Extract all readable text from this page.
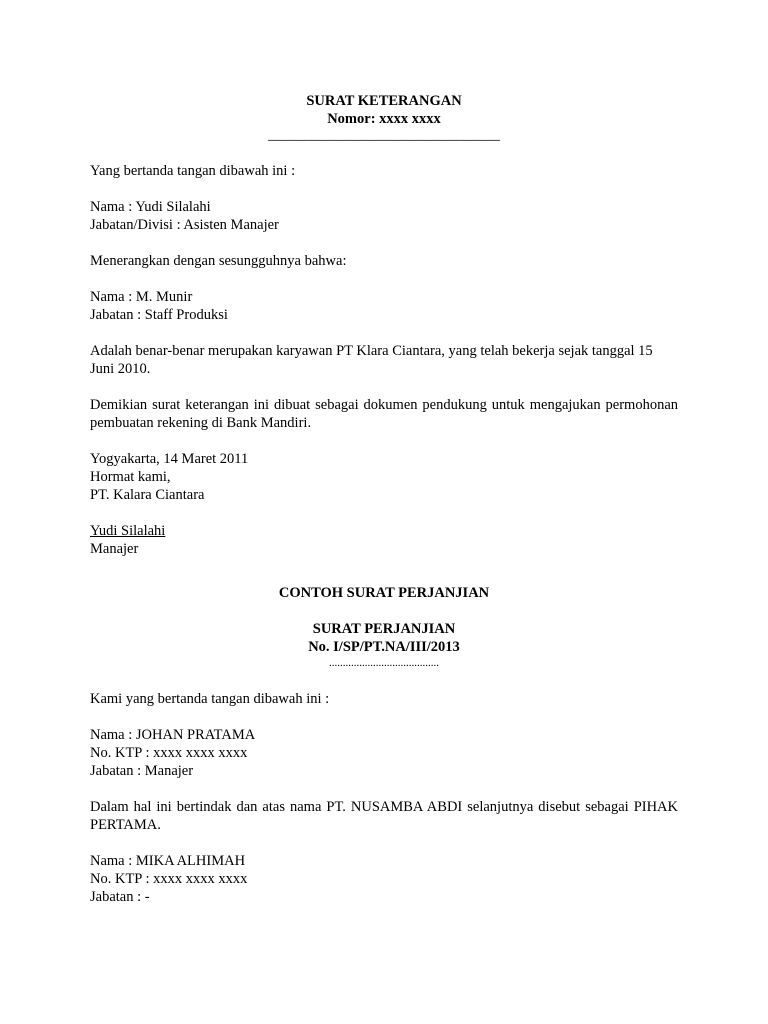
SURAT KETERANGAN
Nomor: xxxx xxxx
________________________________
Yang bertanda tangan dibawah ini :
Nama : Yudi Silalahi
Jabatan/Divisi : Asisten Manajer
Menerangkan dengan sesungguhnya bahwa:
Nama : M. Munir
Jabatan : Staff Produksi
Adalah benar-benar merupakan karyawan PT Klara Ciantara, yang telah bekerja sejak tanggal 15 Juni 2010.
Demikian surat keterangan ini dibuat sebagai dokumen pendukung untuk mengajukan permohonan pembuatan rekening di Bank Mandiri.
Yogyakarta, 14 Maret 2011
Hormat kami,
PT. Kalara Ciantara
Yudi Silalahi
Manajer
CONTOH SURAT PERJANJIAN
SURAT PERJANJIAN
No. I/SP/PT.NA/III/2013
........................................
Kami yang bertanda tangan dibawah ini :
Nama : JOHAN PRATAMA
No. KTP : xxxx xxxx xxxx
Jabatan : Manajer
Dalam hal ini bertindak dan atas nama PT. NUSAMBA ABDI selanjutnya disebut sebagai PIHAK PERTAMA.
Nama : MIKA ALHIMAH
No. KTP : xxxx xxxx xxxx
Jabatan : -
